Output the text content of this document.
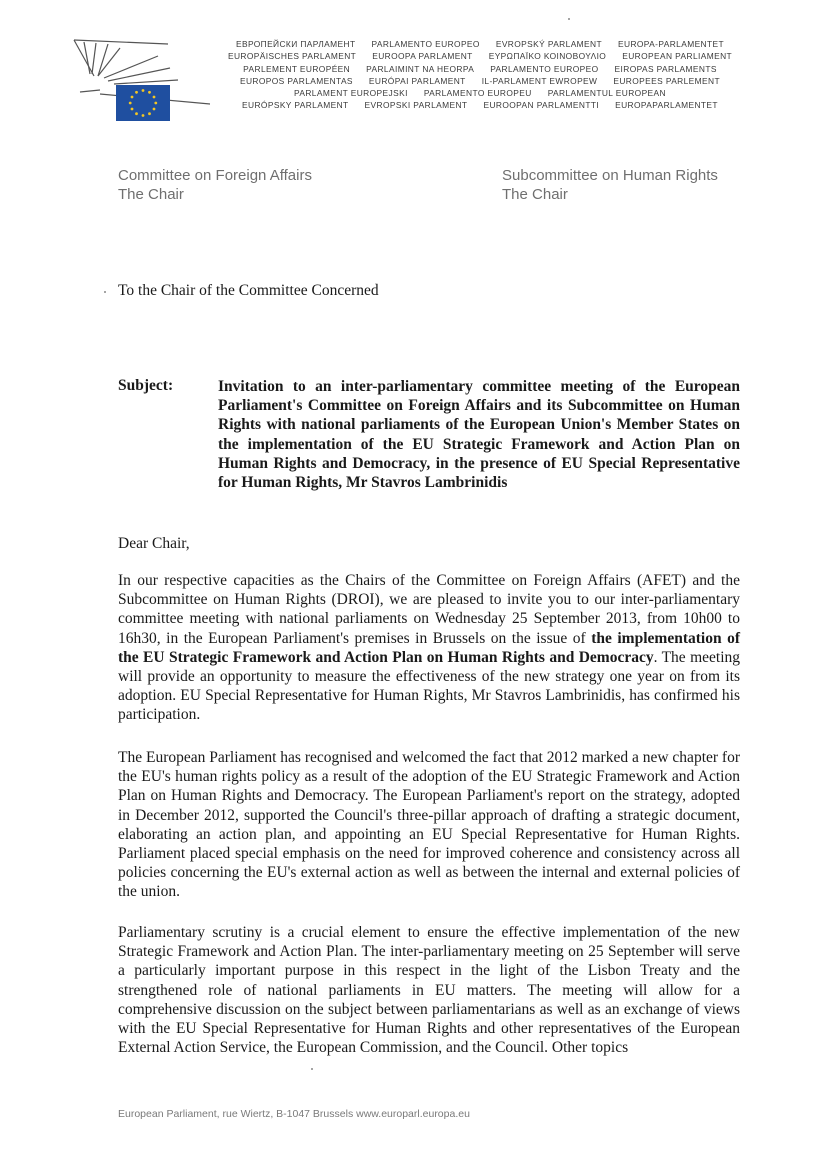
ЕВРОПЕЙСКИ ПАРЛАМЕНТ PARLAMENTO EUROPEO EVROPSKÝ PARLAMENT EUROPA-PARLAMENTET
EUROPÄISCHES PARLAMENT EUROOPA PARLAMENT ΕΥΡΩΠΑΪΚΟ ΚΟΙΝΟΒΟΥΛΙΟ EUROPEAN PARLIAMENT
PARLEMENT EUROPÉEN PARLAIMINT NA HEORPA PARLAMENTO EUROPEO EIROPAS PARLAMENTS
EUROPOS PARLAMENTAS EURÓPAI PARLAMENT IL-PARLAMENT EWROPEW EUROPEES PARLEMENT
PARLAMENT EUROPEJSKI PARLAMENTO EUROPEU PARLAMENTUL EUROPEAN
EURÓPSKY PARLAMENT EVROPSKI PARLAMENT EUROOPAN PARLAMENTTI EUROPAPARLAMENTET
Committee on Foreign Affairs
The Chair
Subcommittee on Human Rights
The Chair
To the Chair of the Committee Concerned
Subject:	Invitation to an inter-parliamentary committee meeting of the European Parliament's Committee on Foreign Affairs and its Subcommittee on Human Rights with national parliaments of the European Union's Member States on the implementation of the EU Strategic Framework and Action Plan on Human Rights and Democracy, in the presence of EU Special Representative for Human Rights, Mr Stavros Lambrinidis
Dear Chair,

In our respective capacities as the Chairs of the Committee on Foreign Affairs (AFET) and the Subcommittee on Human Rights (DROI), we are pleased to invite you to our inter-parliamentary committee meeting with national parliaments on Wednesday 25 September 2013, from 10h00 to 16h30, in the European Parliament's premises in Brussels on the issue of the implementation of the EU Strategic Framework and Action Plan on Human Rights and Democracy. The meeting will provide an opportunity to measure the effectiveness of the new strategy one year on from its adoption. EU Special Representative for Human Rights, Mr Stavros Lambrinidis, has confirmed his participation.

The European Parliament has recognised and welcomed the fact that 2012 marked a new chapter for the EU's human rights policy as a result of the adoption of the EU Strategic Framework and Action Plan on Human Rights and Democracy. The European Parliament's report on the strategy, adopted in December 2012, supported the Council's three-pillar approach of drafting a strategic document, elaborating an action plan, and appointing an EU Special Representative for Human Rights. Parliament placed special emphasis on the need for improved coherence and consistency across all policies concerning the EU's external action as well as between the internal and external policies of the union.

Parliamentary scrutiny is a crucial element to ensure the effective implementation of the new Strategic Framework and Action Plan. The inter-parliamentary meeting on 25 September will serve a particularly important purpose in this respect in the light of the Lisbon Treaty and the strengthened role of national parliaments in EU matters. The meeting will allow for a comprehensive discussion on the subject between parliamentarians as well as an exchange of views with the EU Special Representative for Human Rights and other representatives of the European External Action Service, the European Commission, and the Council. Other topics

European Parliament, rue Wiertz, B-1047 Brussels www.europarl.europa.eu
